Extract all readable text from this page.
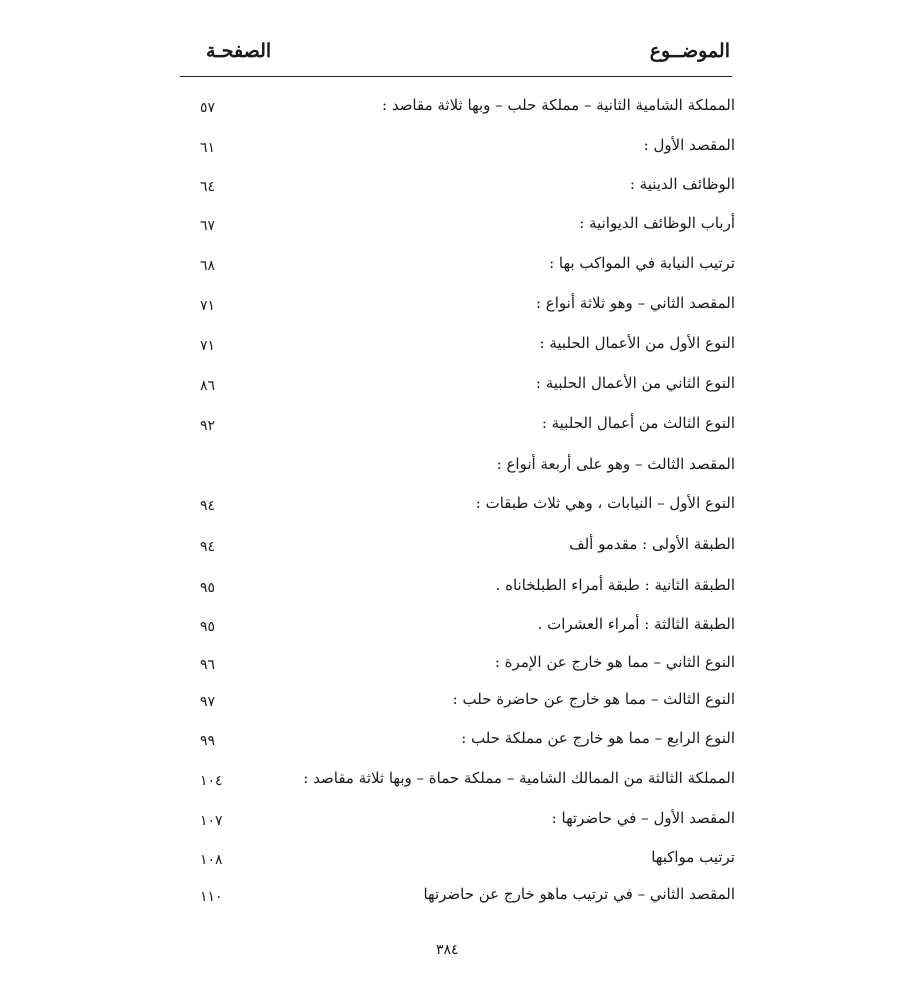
الموضــوع
الصفحـة
المملكة الشامية الثانية – مملكة حلب – وبها ثلاثة مقاصد :
٥٧
المقصد الأول :
٦١
الوظائف الدينية :
٦٤
أرباب الوظائف الديوانية :
٦٧
ترتيب النيابة في المواكب بها :
٦٨
المقصد الثاني – وهو ثلاثة أنواع :
٧١
النوع الأول من الأعمال الحلبية :
٧١
النوع الثاني من الأعمال الحلبية :
٨٦
النوع الثالث من أعمال الحلبية :
٩٢
المقصد الثالث – وهو على أربعة أنواع :
النوع الأول – النيابات ، وهي ثلاث طبقات :
٩٤
الطبقة الأولى : مقدمو ألف
٩٤
الطبقة الثانية : طبقة أمراء الطبلخاناه .
٩٥
الطبقة الثالثة : أمراء العشرات .
٩٥
النوع الثاني – مما هو خارج عن الإمرة :
٩٦
النوع الثالث – مما هو خارج عن حاضرة حلب :
٩٧
النوع الرابع – مما هو خارج عن مملكة حلب :
٩٩
المملكة الثالثة من الممالك الشامية – مملكة حماة – وبها ثلاثة مقاصد :
١٠٤
المقصد الأول – في حاضرتها :
١٠٧
ترتيب مواكبها
١٠٨
المقصد الثاني – في ترتيب ماهو خارج عن حاضرتها
١١٠
٣٨٤
